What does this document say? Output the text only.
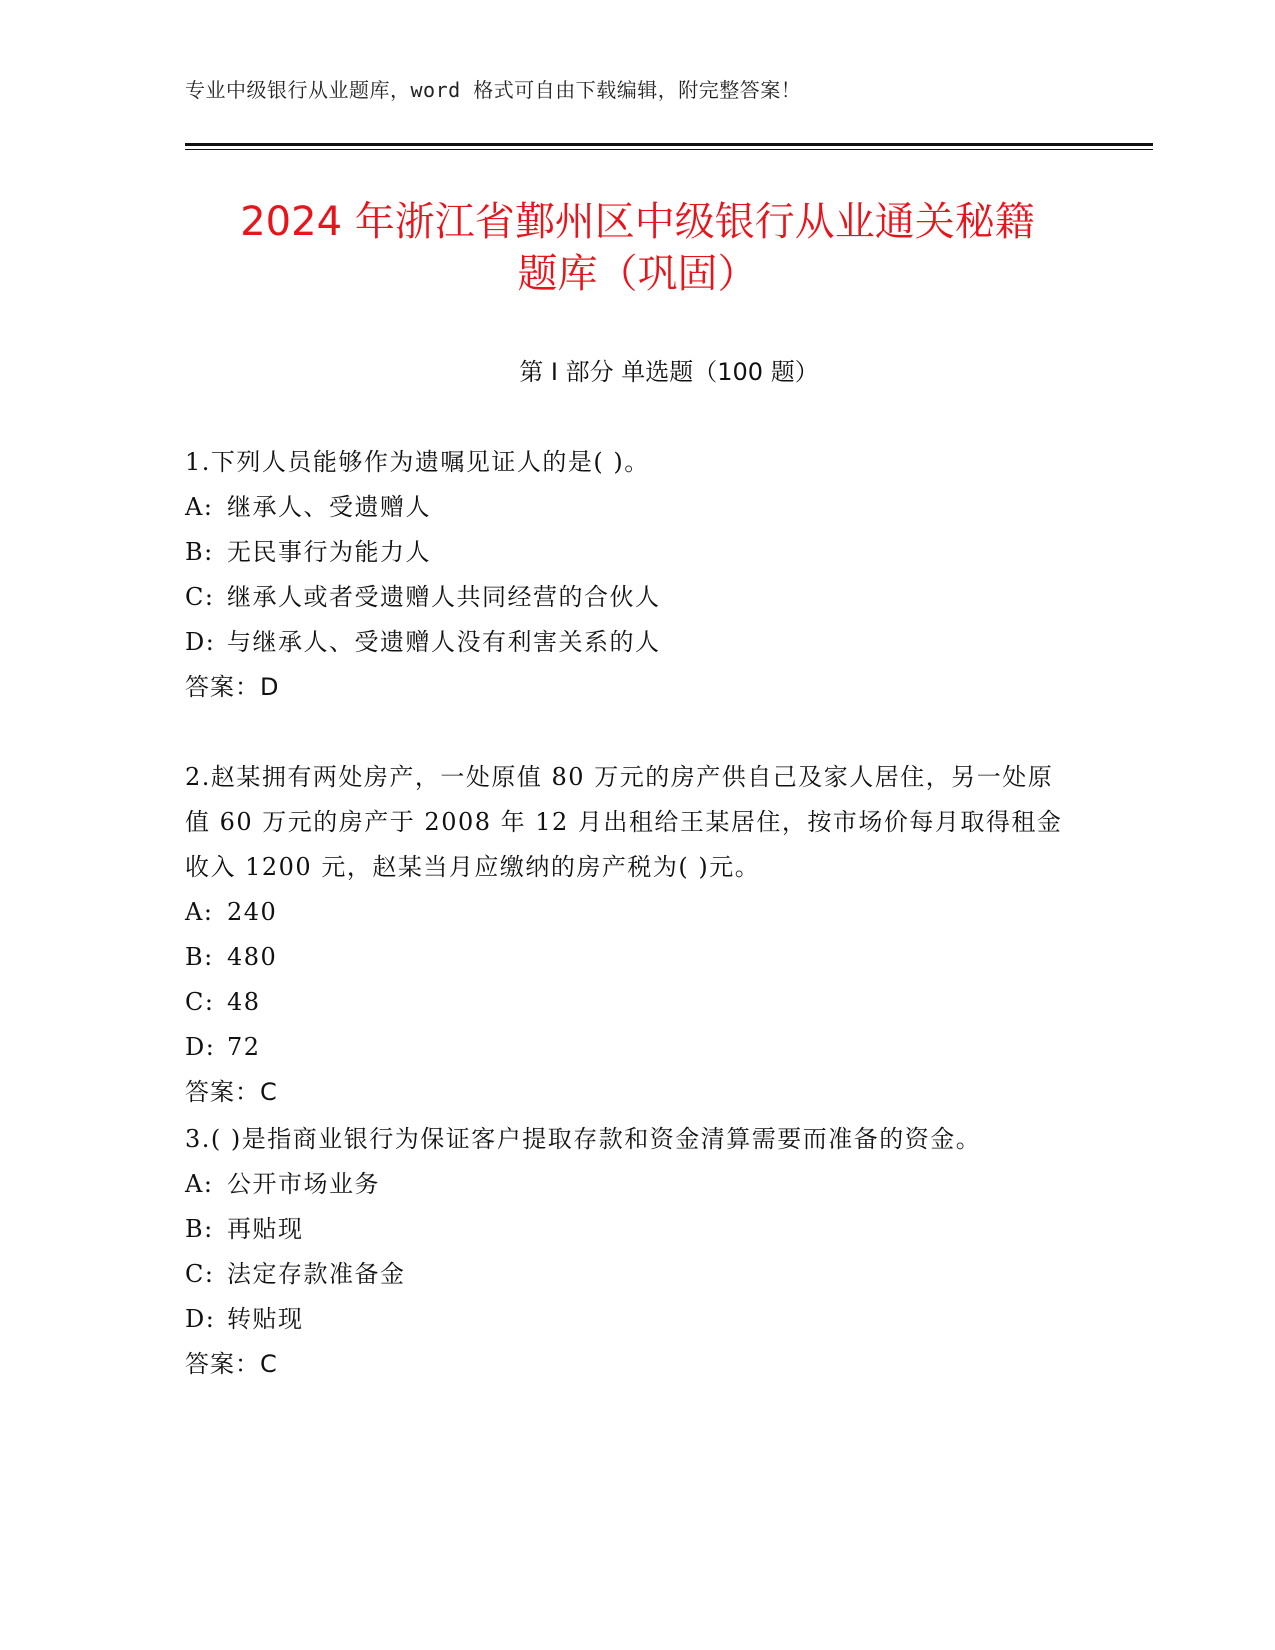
专业中级银行从业题库，word 格式可自由下载编辑，附完整答案！
2024 年浙江省鄞州区中级银行从业通关秘籍
题库（巩固）
第 I 部分 单选题（100 题）
1.下列人员能够作为遗嘱见证人的是( )。
A: 继承人、受遗赠人
B: 无民事行为能力人
C: 继承人或者受遗赠人共同经营的合伙人
D: 与继承人、受遗赠人没有利害关系的人
答案：D
2.赵某拥有两处房产，一处原值 80 万元的房产供自己及家人居住，另一处原值 60 万元的房产于 2008 年 12 月出租给王某居住，按市场价每月取得租金收入 1200 元，赵某当月应缴纳的房产税为( )元。
A: 240
B: 480
C: 48
D: 72
答案：C
3.( )是指商业银行为保证客户提取存款和资金清算需要而准备的资金。
A: 公开市场业务
B: 再贴现
C: 法定存款准备金
D: 转贴现
答案：C
